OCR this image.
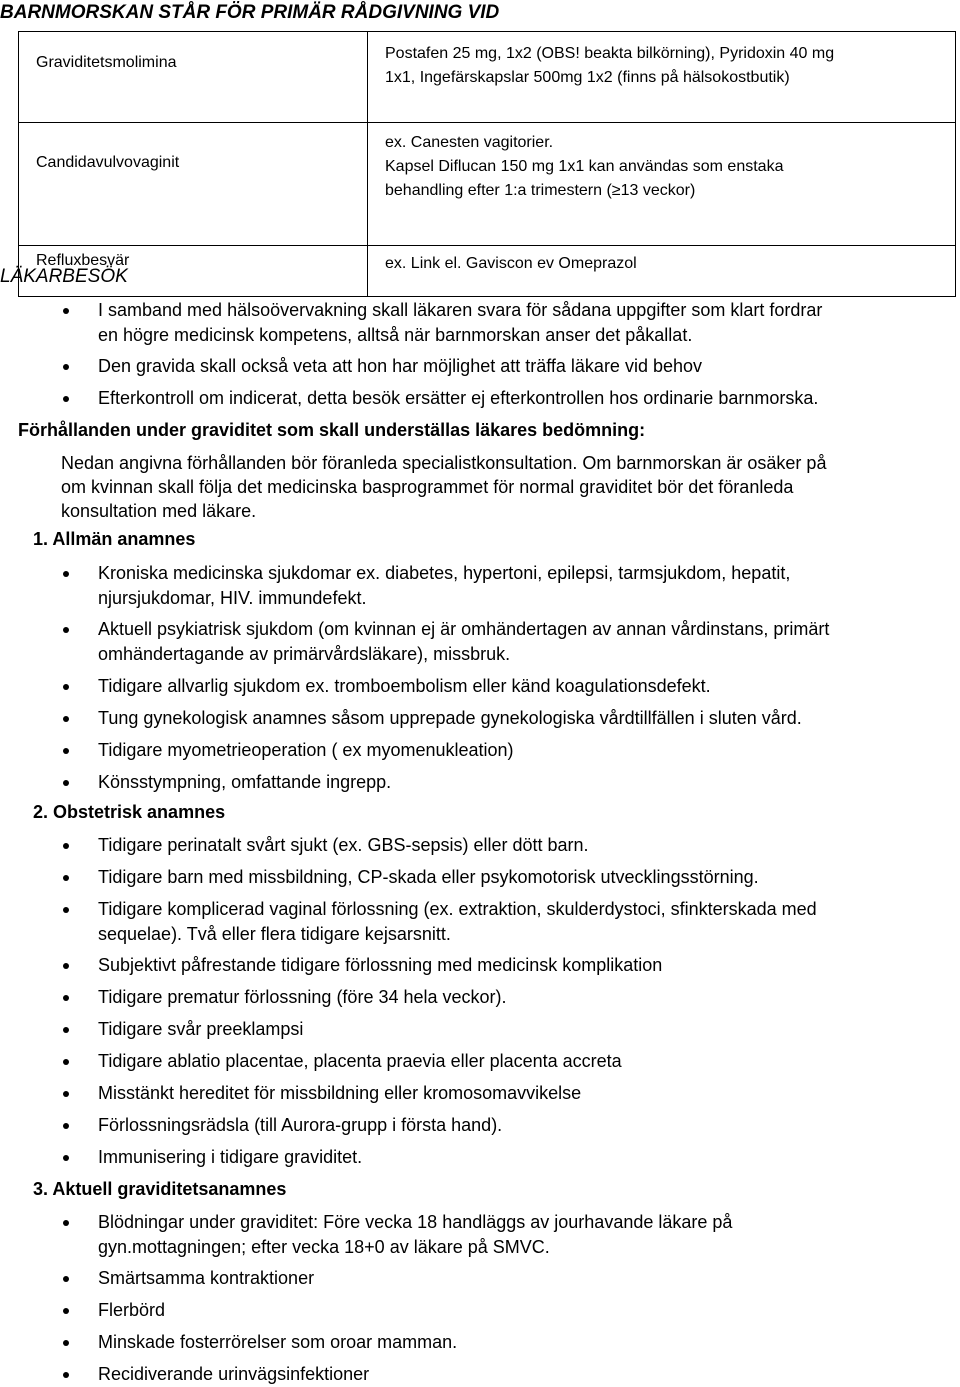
BARNMORSKAN STÅR FÖR PRIMÄR RÅDGIVNING VID
Graviditetsmolimina	Postafen 25 mg, 1x2 (OBS! beakta bilkörning), Pyridoxin 40 mg
1x1, Ingefärskapslar 500mg 1x2 (finns på hälsokostbutik)

Candidavulvovaginit	ex. Canesten vagitorier.
Kapsel Diflucan 150 mg 1x1 kan användas som enstaka
behandling efter 1:a trimestern (≥13 veckor)

Refluxbesvär	ex. Link el. Gaviscon ev Omeprazol
LÄKARBESÖK
I samband med hälsoövervakning skall läkaren svara för sådana uppgifter som klart fordrar
en högre medicinsk kompetens, alltså när barnmorskan anser det påkallat.
Den gravida skall också veta att hon har möjlighet att träffa läkare vid behov
Efterkontroll om indicerat, detta besök ersätter ej efterkontrollen hos ordinarie barnmorska.
Förhållanden under graviditet som skall underställas läkares bedömning:
Nedan angivna förhållanden bör föranleda specialistkonsultation. Om barnmorskan är osäker på
om kvinnan skall följa det medicinska basprogrammet för normal graviditet bör det föranleda
konsultation med läkare.
1. Allmän anamnes
Kroniska medicinska sjukdomar ex. diabetes, hypertoni, epilepsi, tarmsjukdom, hepatit,
njursjukdomar, HIV. immundefekt.
Aktuell psykiatrisk sjukdom (om kvinnan ej är omhändertagen av annan vårdinstans, primärt
omhändertagande av primärvårdsläkare), missbruk.
Tidigare allvarlig sjukdom ex. tromboembolism eller känd koagulationsdefekt.
Tung gynekologisk anamnes såsom upprepade gynekologiska vårdtillfällen i sluten vård.
Tidigare myometrieoperation ( ex myomenukleation)
Könsstympning, omfattande ingrepp.
2. Obstetrisk anamnes
Tidigare perinatalt svårt sjukt (ex. GBS-sepsis) eller dött barn.
Tidigare barn med missbildning, CP-skada eller psykomotorisk utvecklingsstörning.
Tidigare komplicerad vaginal förlossning (ex. extraktion, skulderdystoci, sfinkterskada med
sequelae). Två eller flera tidigare kejsarsnitt.
Subjektivt påfrestande tidigare förlossning med medicinsk komplikation
Tidigare prematur förlossning (före 34 hela veckor).
Tidigare svår preeklampsi
Tidigare ablatio placentae, placenta praevia eller placenta accreta
Misstänkt hereditet för missbildning eller kromosomavvikelse
Förlossningsrädsla (till Aurora-grupp i första hand).
Immunisering i tidigare graviditet.
3. Aktuell graviditetsanamnes
Blödningar under graviditet: Före vecka 18 handläggs av jourhavande läkare på
gyn.mottagningen; efter vecka 18+0 av läkare på SMVC.
Smärtsamma kontraktioner
Flerbörd
Minskade fosterrörelser som oroar mamman.
Recidiverande urinvägsinfektioner
